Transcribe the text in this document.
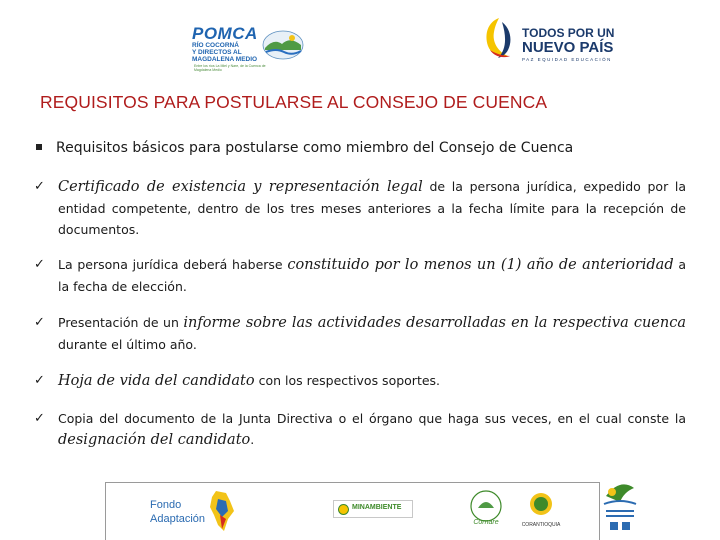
POMCA
RÍO COCORNÁ
Y DIRECTOS AL
MAGDALENA MEDIO
Entre los ríos La Miel y Nare, de la Cuenca de Magdalena Medio
TODOS POR UN
NUEVO PAÍS
PAZ EQUIDAD EDUCACIÓN
REQUISITOS PARA POSTULARSE AL CONSEJO DE CUENCA
Requisitos básicos para postularse como miembro del Consejo de Cuenca
✓ Certificado de existencia y representación legal de la persona jurídica, expedido por la entidad competente, dentro de los tres meses anteriores a la fecha límite para la recepción de documentos.
✓	La persona jurídica deberá haberse constituido por lo menos un (1) año de anterioridad a la fecha de elección.
✓	Presentación de un informe sobre las actividades desarrolladas en la respectiva cuenca durante el último año.
✓ Hoja de vida del candidato con los respectivos soportes.
✓	Copia del documento de la Junta Directiva o el órgano que haga sus veces, en el cual conste la designación del candidato.
Fondo
Adaptación
MINAMBIENTE
Cornare	CORANTIOQUIA
